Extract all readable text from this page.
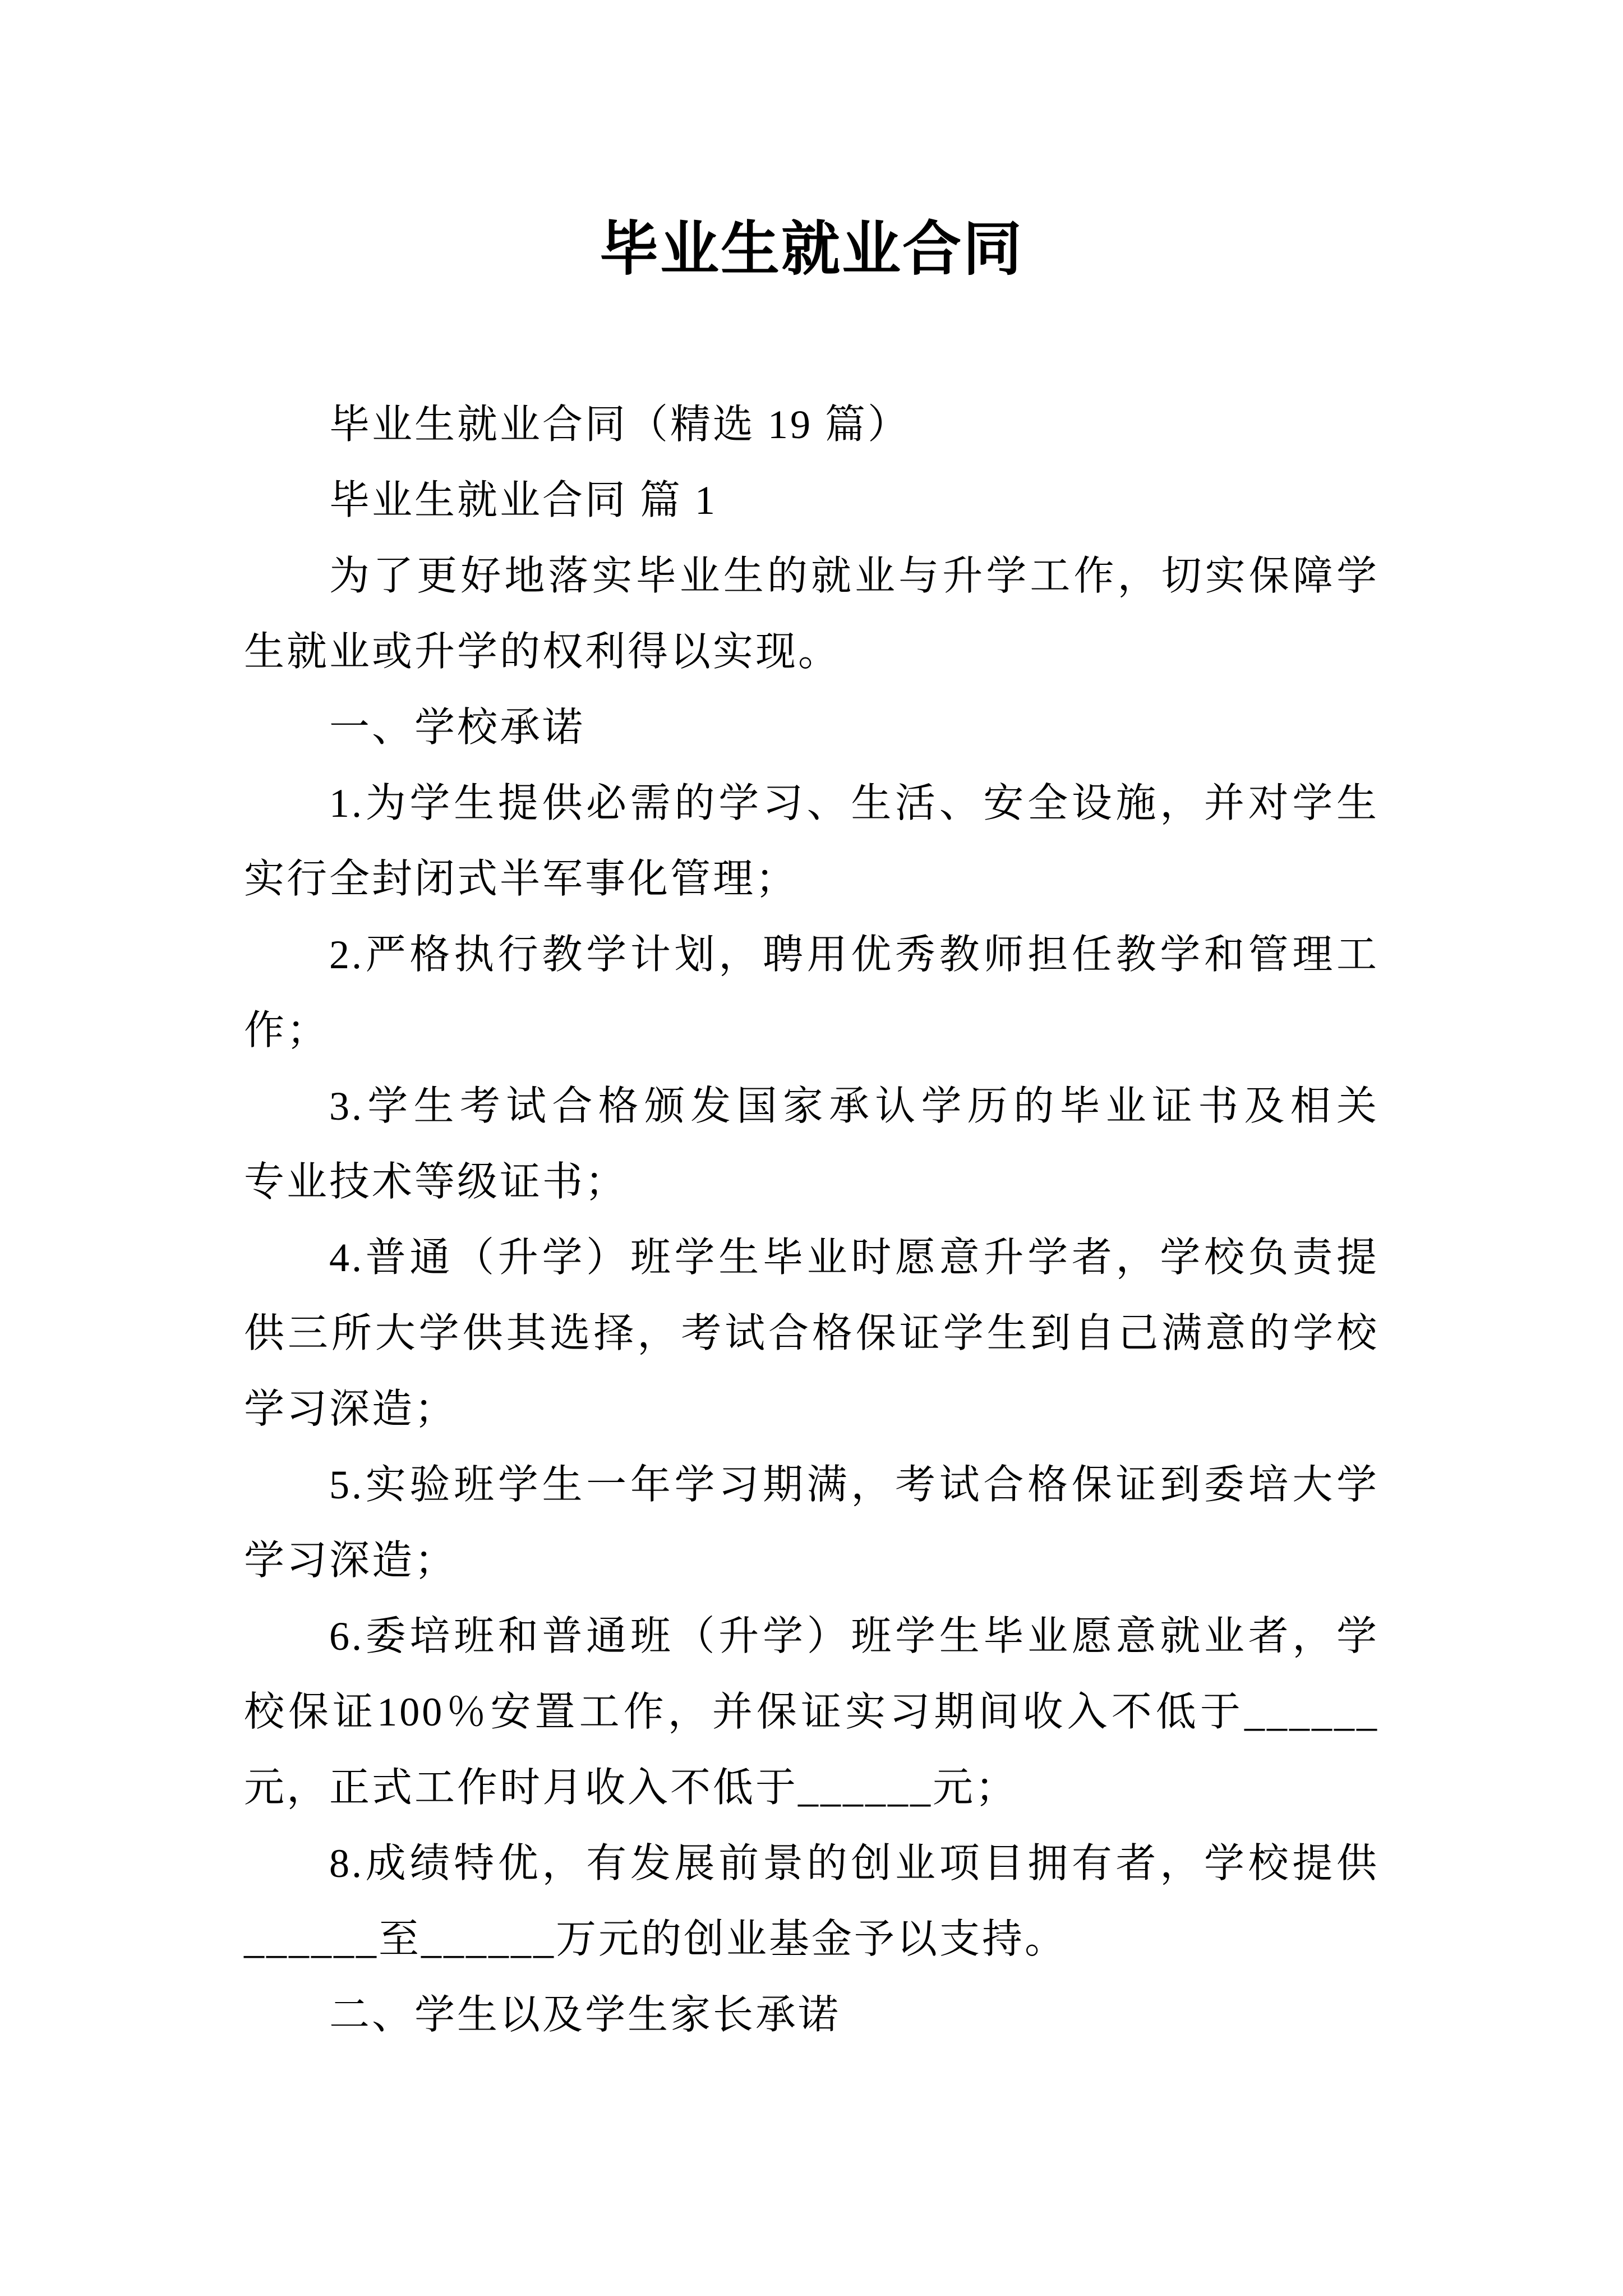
毕业生就业合同
毕业生就业合同（精选 19 篇）
毕业生就业合同 篇 1
为了更好地落实毕业生的就业与升学工作，切实保障学
生就业或升学的权利得以实现。
一、学校承诺
1.为学生提供必需的学习、生活、安全设施，并对学生
实行全封闭式半军事化管理；
2.严格执行教学计划，聘用优秀教师担任教学和管理工
作；
3.学生考试合格颁发国家承认学历的毕业证书及相关
专业技术等级证书；
4.普通（升学）班学生毕业时愿意升学者，学校负责提
供三所大学供其选择，考试合格保证学生到自己满意的学校
学习深造；
5.实验班学生一年学习期满，考试合格保证到委培大学
学习深造；
6.委培班和普通班（升学）班学生毕业愿意就业者，学
校保证100％安置工作，并保证实习期间收入不低于______
元，正式工作时月收入不低于______元；
8.成绩特优，有发展前景的创业项目拥有者，学校提供
______至______万元的创业基金予以支持。
二、学生以及学生家长承诺
